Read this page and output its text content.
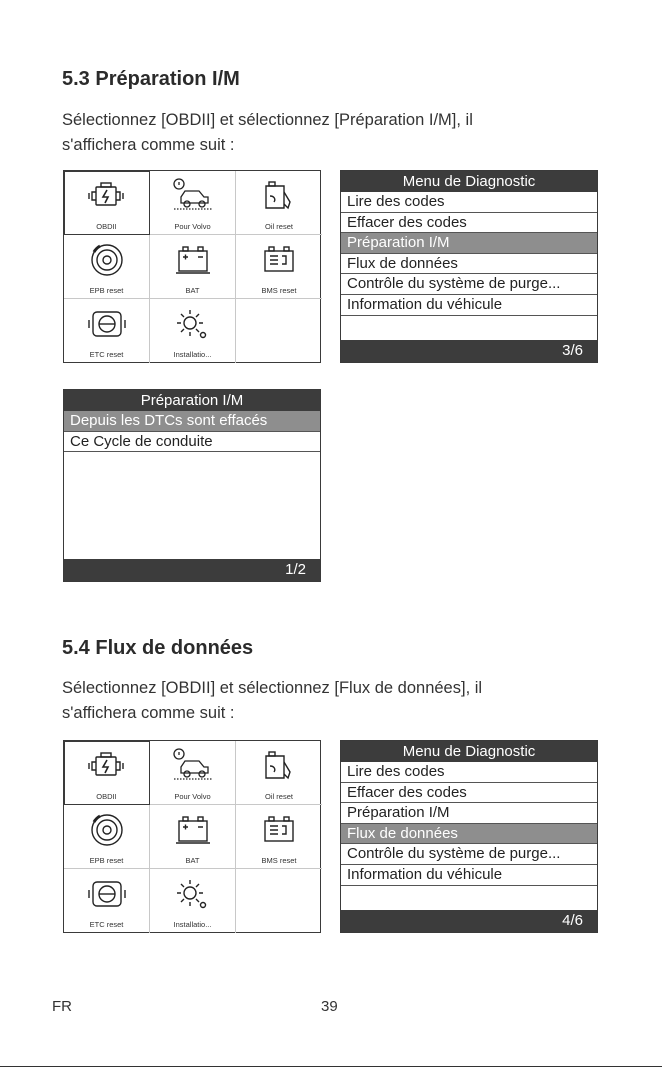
5.3 Préparation I/M
Sélectionnez [OBDII] et sélectionnez [Préparation I/M], il
s'affichera comme suit :
OBDII	Pour Volvo	Oil reset
EPB reset	BAT	BMS reset
ETC reset	Installatio...
Menu de Diagnostic
Lire des codes
Effacer des codes
Préparation I/M
Flux de données
Contrôle du système de purge...
Information du véhicule
3/6
Préparation I/M
Depuis les DTCs sont effacés
Ce Cycle de conduite
1/2
5.4 Flux de données
Sélectionnez [OBDII] et sélectionnez [Flux de données], il
s'affichera comme suit :
OBDII	Pour Volvo	Oil reset
EPB reset	BAT	BMS reset
ETC reset	Installatio...
Menu de Diagnostic
Lire des codes
Effacer des codes
Préparation I/M
Flux de données
Contrôle du système de purge...
Information du véhicule
4/6
FR	39
